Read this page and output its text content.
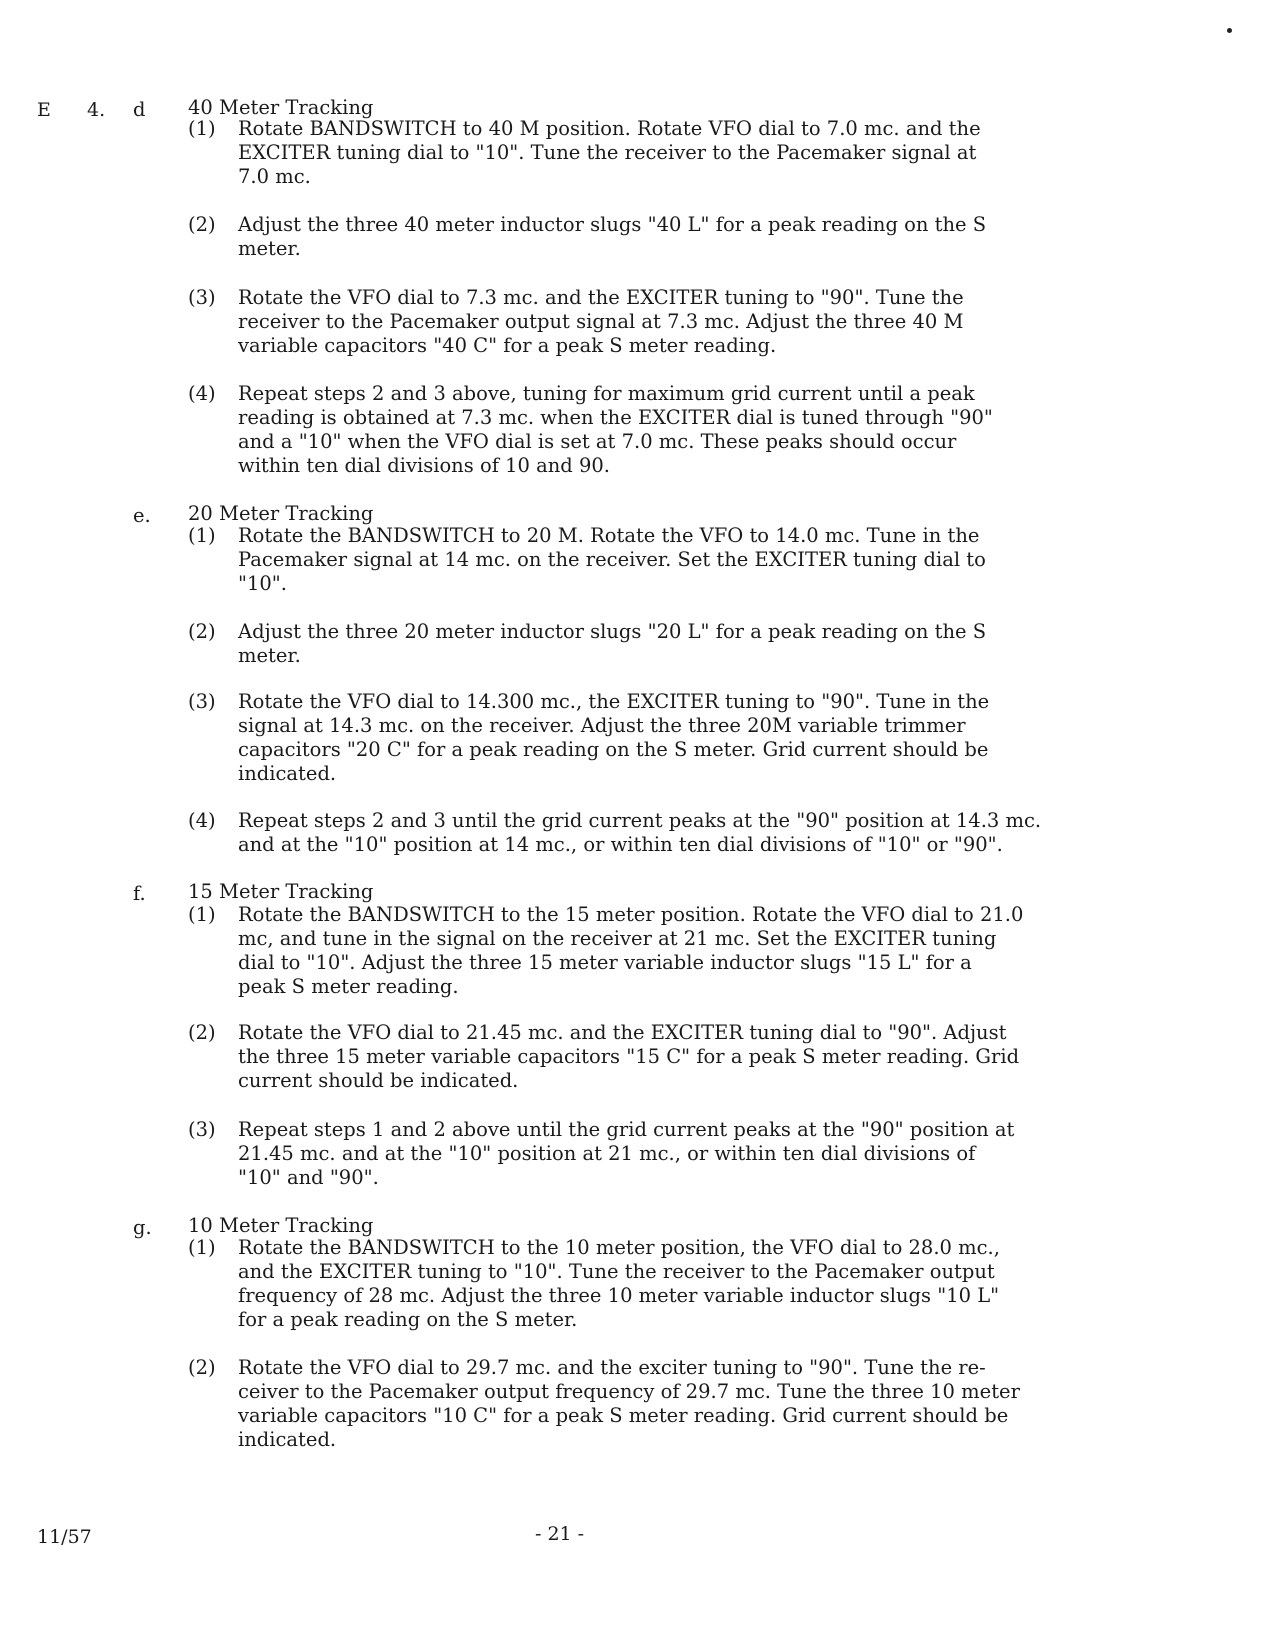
E 4. d 40 Meter Tracking
(1) Rotate BANDSWITCH to 40 M position. Rotate VFO dial to 7.0 mc. and the
EXCITER tuning dial to "10". Tune the receiver to the Pacemaker signal at
7.0 mc.
(2) Adjust the three 40 meter inductor slugs "40 L" for a peak reading on the S
meter.
(3) Rotate the VFO dial to 7.3 mc. and the EXCITER tuning to "90". Tune the
receiver to the Pacemaker output signal at 7.3 mc. Adjust the three 40 M
variable capacitors "40 C" for a peak S meter reading.
(4) Repeat steps 2 and 3 above, tuning for maximum grid current until a peak
reading is obtained at 7.3 mc. when the EXCITER dial is tuned through "90"
and a "10" when the VFO dial is set at 7.0 mc. These peaks should occur
within ten dial divisions of 10 and 90.
e. 20 Meter Tracking
(1) Rotate the BANDSWITCH to 20 M. Rotate the VFO to 14.0 mc. Tune in the
Pacemaker signal at 14 mc. on the receiver. Set the EXCITER tuning dial to
"10".
(2) Adjust the three 20 meter inductor slugs "20 L" for a peak reading on the S
meter.
(3) Rotate the VFO dial to 14.300 mc., the EXCITER tuning to "90". Tune in the
signal at 14.3 mc. on the receiver. Adjust the three 20M variable trimmer
capacitors "20 C" for a peak reading on the S meter. Grid current should be
indicated.
(4) Repeat steps 2 and 3 until the grid current peaks at the "90" position at 14.3 mc.
and at the "10" position at 14 mc., or within ten dial divisions of "10" or "90".
f. 15 Meter Tracking
(1) Rotate the BANDSWITCH to the 15 meter position. Rotate the VFO dial to 21.0
mc, and tune in the signal on the receiver at 21 mc. Set the EXCITER tuning
dial to "10". Adjust the three 15 meter variable inductor slugs "15 L" for a
peak S meter reading.
(2) Rotate the VFO dial to 21.45 mc. and the EXCITER tuning dial to "90". Adjust
the three 15 meter variable capacitors "15 C" for a peak S meter reading. Grid
current should be indicated.
(3) Repeat steps 1 and 2 above until the grid current peaks at the "90" position at
21.45 mc. and at the "10" position at 21 mc., or within ten dial divisions of
"10" and "90".
g. 10 Meter Tracking
(1) Rotate the BANDSWITCH to the 10 meter position, the VFO dial to 28.0 mc.,
and the EXCITER tuning to "10". Tune the receiver to the Pacemaker output
frequency of 28 mc. Adjust the three 10 meter variable inductor slugs "10 L"
for a peak reading on the S meter.
(2) Rotate the VFO dial to 29.7 mc. and the exciter tuning to "90". Tune the re-
ceiver to the Pacemaker output frequency of 29.7 mc. Tune the three 10 meter
variable capacitors "10 C" for a peak S meter reading. Grid current should be
indicated.
11/57	- 21 -
